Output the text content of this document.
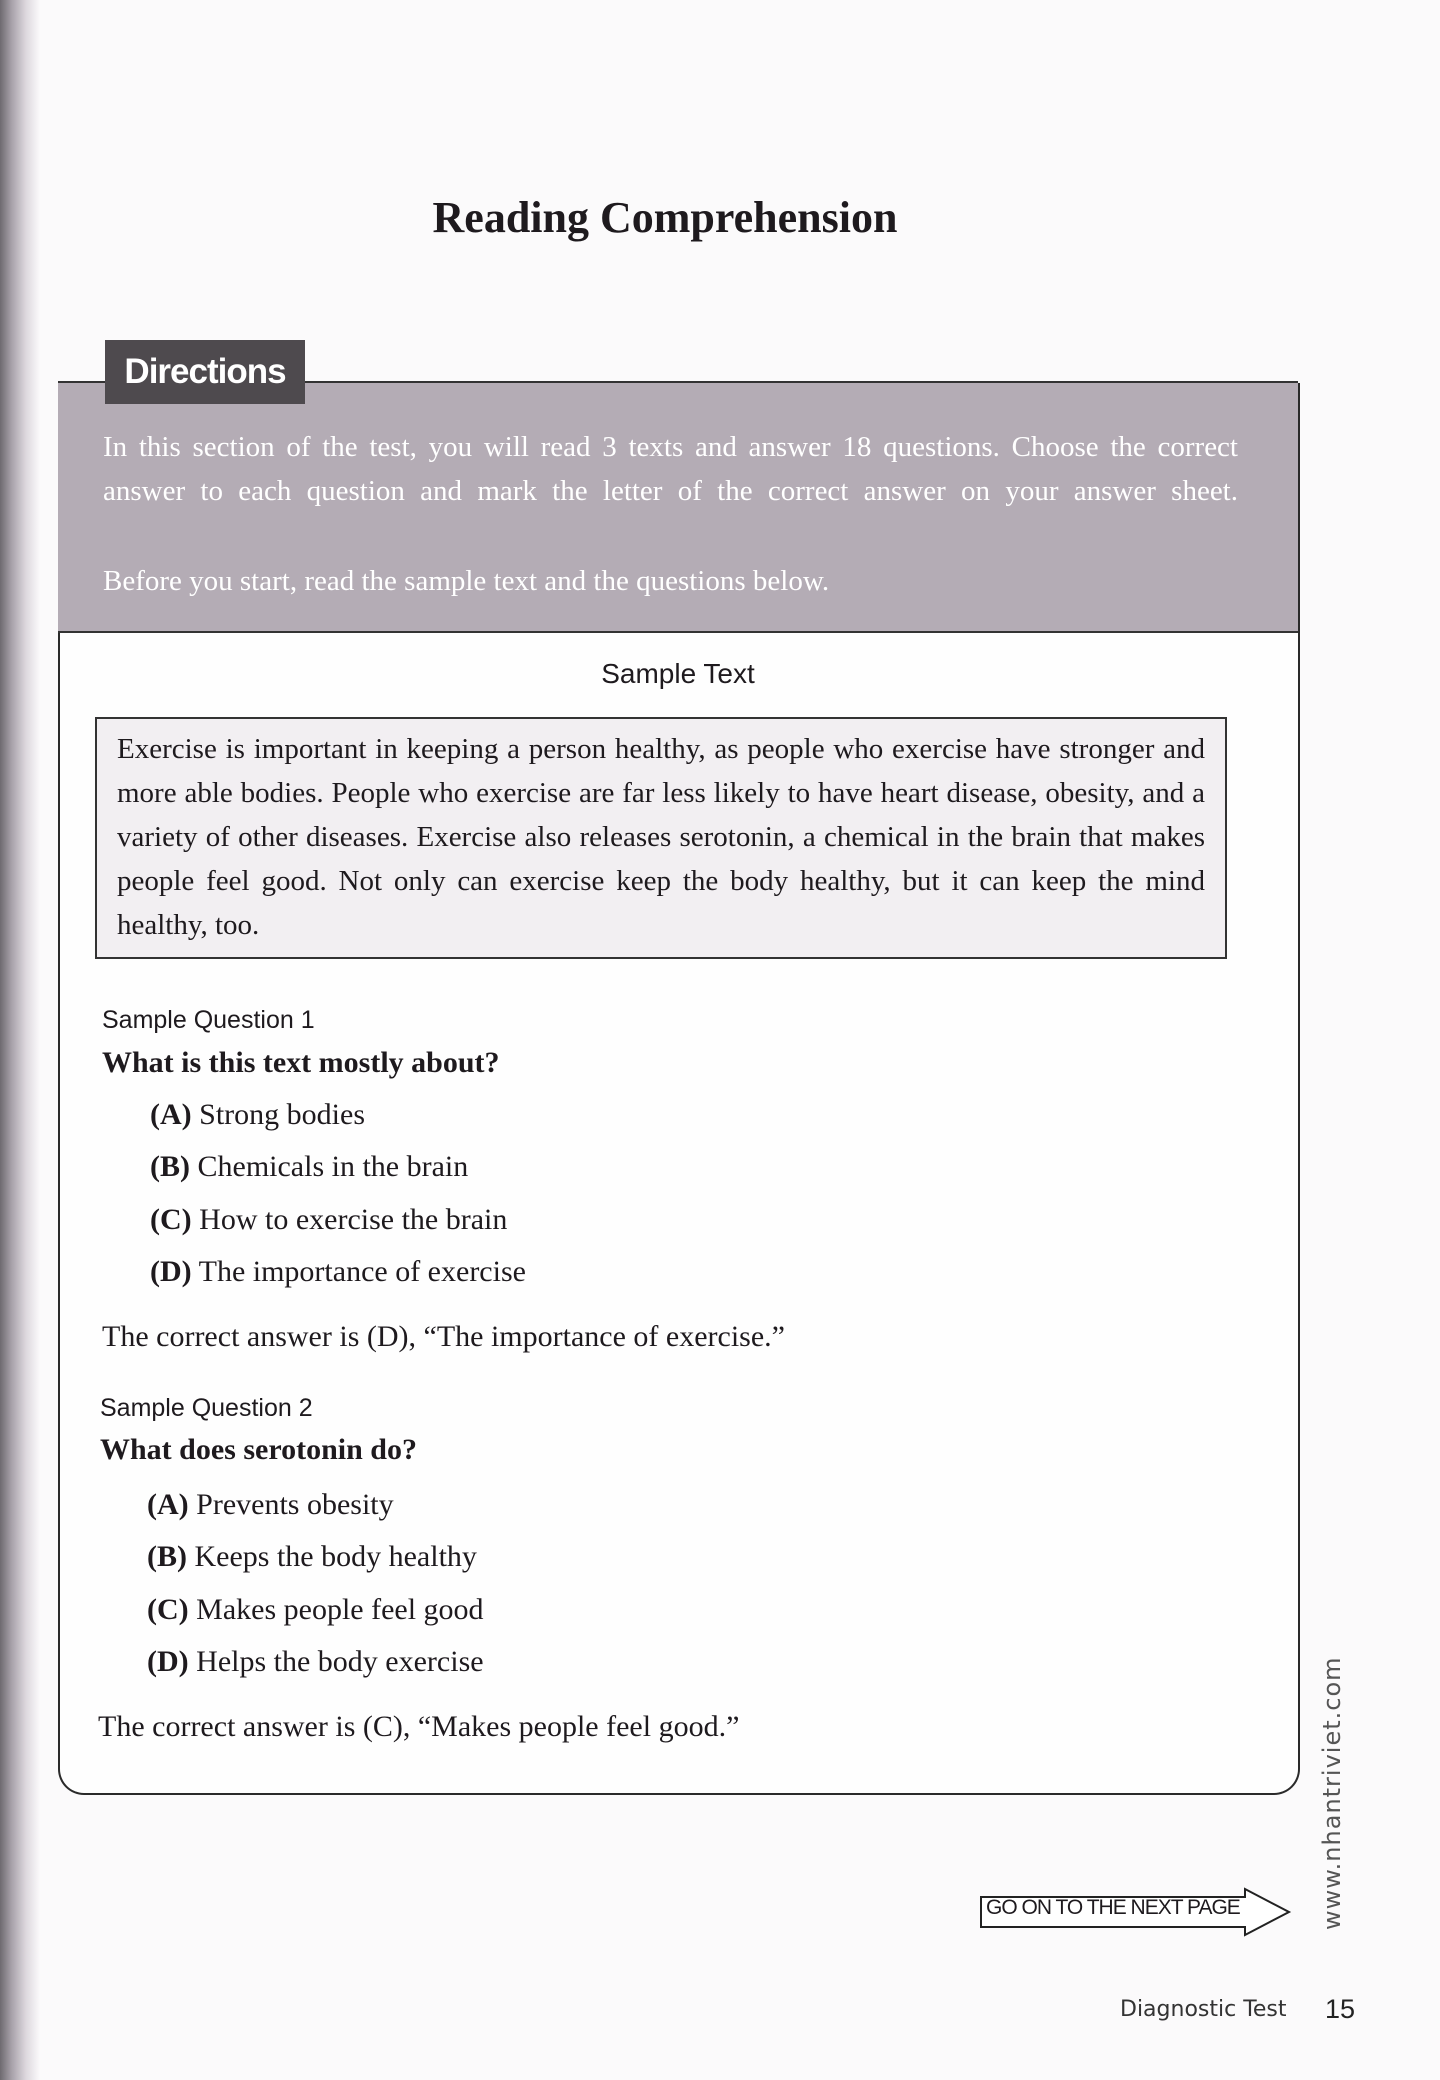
Reading Comprehension
Directions
In this section of the test, you will read 3 texts and answer 18 questions. Choose the correct answer to each question and mark the letter of the correct answer on your answer sheet.
Before you start, read the sample text and the questions below.
Sample Text
Exercise is important in keeping a person healthy, as people who exercise have stronger and more able bodies. People who exercise are far less likely to have heart disease, obesity, and a variety of other diseases. Exercise also releases serotonin, a chemical in the brain that makes people feel good. Not only can exercise keep the body healthy, but it can keep the mind healthy, too.
Sample Question 1
What is this text mostly about?
(A) Strong bodies
(B) Chemicals in the brain
(C) How to exercise the brain
(D) The importance of exercise
The correct answer is (D), “The importance of exercise.”
Sample Question 2
What does serotonin do?
(A) Prevents obesity
(B) Keeps the body healthy
(C) Makes people feel good
(D) Helps the body exercise
The correct answer is (C), “Makes people feel good.”
GO ON TO THE NEXT PAGE	www.nhantriviet.com
Diagnostic Test 15
